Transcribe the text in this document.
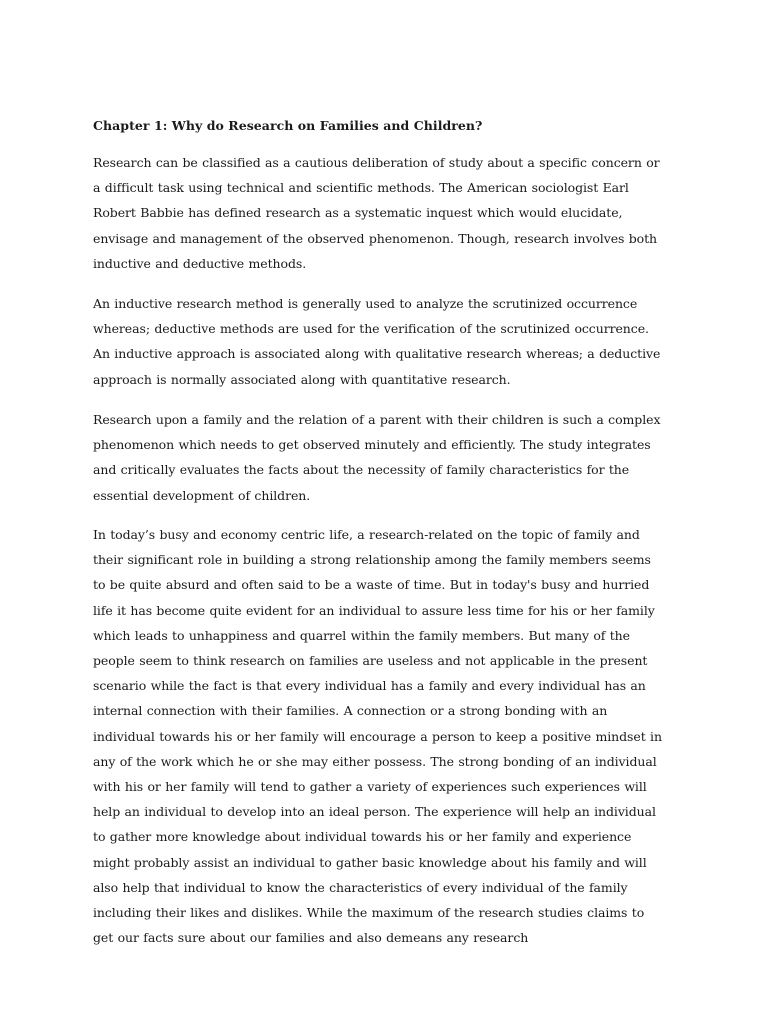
Chapter 1: Why do Research on Families and Children?

Research can be classified as a cautious deliberation of study about a specific concern or a difficult task using technical and scientific methods. The American sociologist Earl Robert Babbie has defined research as a systematic inquest which would elucidate, envisage and management of the observed phenomenon. Though, research involves both inductive and deductive methods.

An inductive research method is generally used to analyze the scrutinized occurrence whereas; deductive methods are used for the verification of the scrutinized occurrence. An inductive approach is associated along with qualitative research whereas; a deductive approach is normally associated along with quantitative research.

Research upon a family and the relation of a parent with their children is such a complex phenomenon which needs to get observed minutely and efficiently. The study integrates and critically evaluates the facts about the necessity of family characteristics for the essential development of children.

In today’s busy and economy centric life, a research-related on the topic of family and their significant role in building a strong relationship among the family members seems to be quite absurd and often said to be a waste of time. But in today's busy and hurried life it has become quite evident for an individual to assure less time for his or her family which leads to unhappiness and quarrel within the family members. But many of the people seem to think research on families are useless and not applicable in the present scenario while the fact is that every individual has a family and every individual has an internal connection with their families. A connection or a strong bonding with an individual towards his or her family will encourage a person to keep a positive mindset in any of the work which he or she may either possess. The strong bonding of an individual with his or her family will tend to gather a variety of experiences such experiences will help an individual to develop into an ideal person. The experience will help an individual to gather more knowledge about individual towards his or her family and experience might probably assist an individual to gather basic knowledge about his family and will also help that individual to know the characteristics of every individual of the family including their likes and dislikes. While the maximum of the research studies claims to get our facts sure about our families and also demeans any research
